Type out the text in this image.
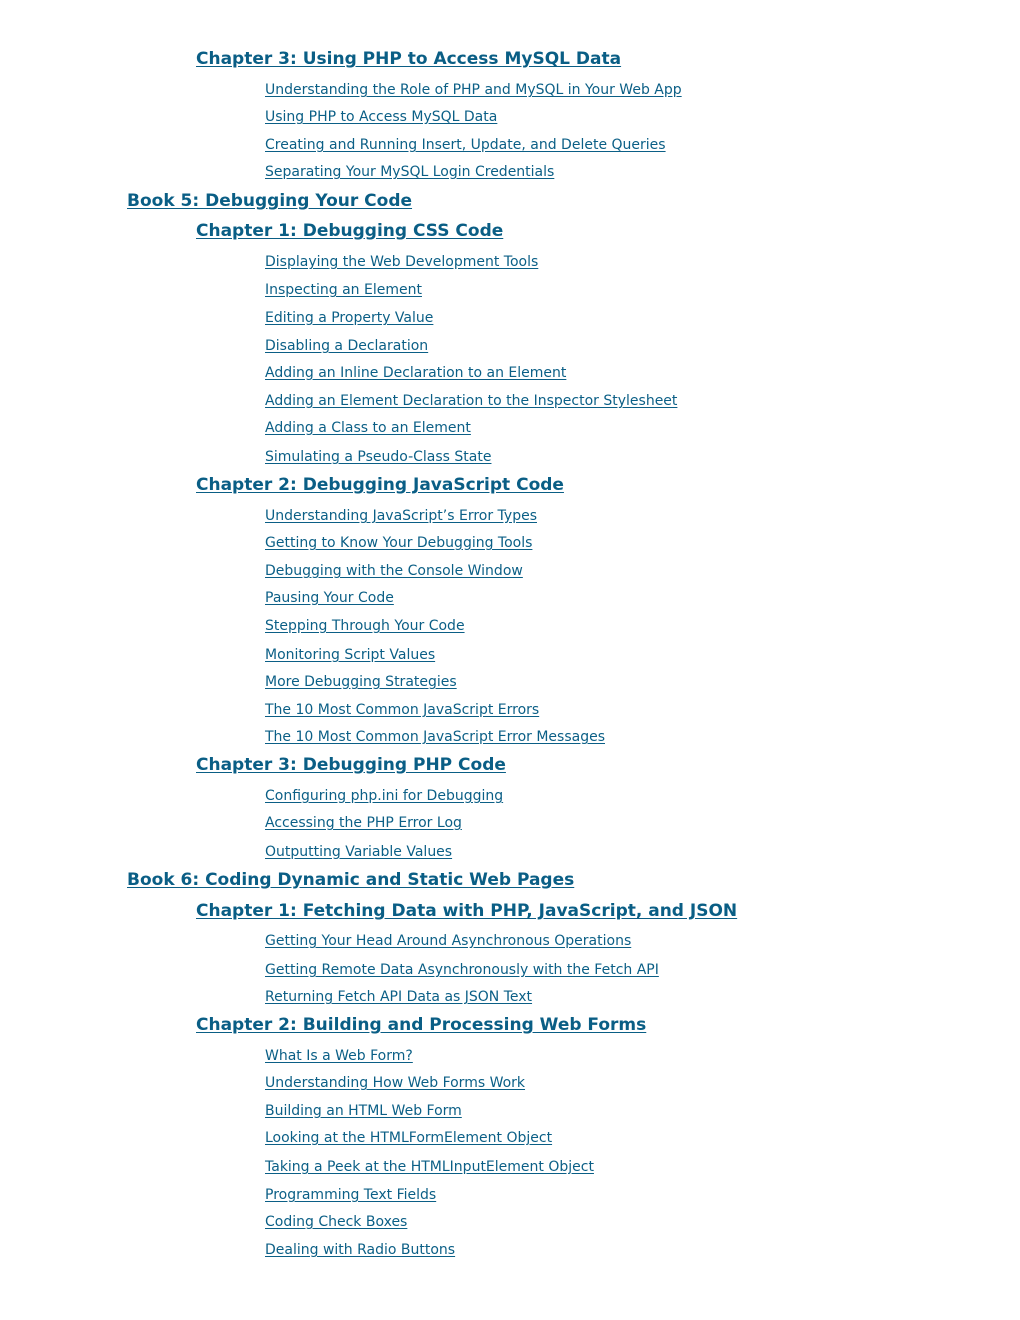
Chapter 3: Using PHP to Access MySQL Data
Understanding the Role of PHP and MySQL in Your Web App
Using PHP to Access MySQL Data
Creating and Running Insert, Update, and Delete Queries
Separating Your MySQL Login Credentials
Book 5: Debugging Your Code
Chapter 1: Debugging CSS Code
Displaying the Web Development Tools
Inspecting an Element
Editing a Property Value
Disabling a Declaration
Adding an Inline Declaration to an Element
Adding an Element Declaration to the Inspector Stylesheet
Adding a Class to an Element
Simulating a Pseudo-Class State
Chapter 2: Debugging JavaScript Code
Understanding JavaScript’s Error Types
Getting to Know Your Debugging Tools
Debugging with the Console Window
Pausing Your Code
Stepping Through Your Code
Monitoring Script Values
More Debugging Strategies
The 10 Most Common JavaScript Errors
The 10 Most Common JavaScript Error Messages
Chapter 3: Debugging PHP Code
Configuring php.ini for Debugging
Accessing the PHP Error Log
Outputting Variable Values
Book 6: Coding Dynamic and Static Web Pages
Chapter 1: Fetching Data with PHP, JavaScript, and JSON
Getting Your Head Around Asynchronous Operations
Getting Remote Data Asynchronously with the Fetch API
Returning Fetch API Data as JSON Text
Chapter 2: Building and Processing Web Forms
What Is a Web Form?
Understanding How Web Forms Work
Building an HTML Web Form
Looking at the HTMLFormElement Object
Taking a Peek at the HTMLInputElement Object
Programming Text Fields
Coding Check Boxes
Dealing with Radio Buttons
